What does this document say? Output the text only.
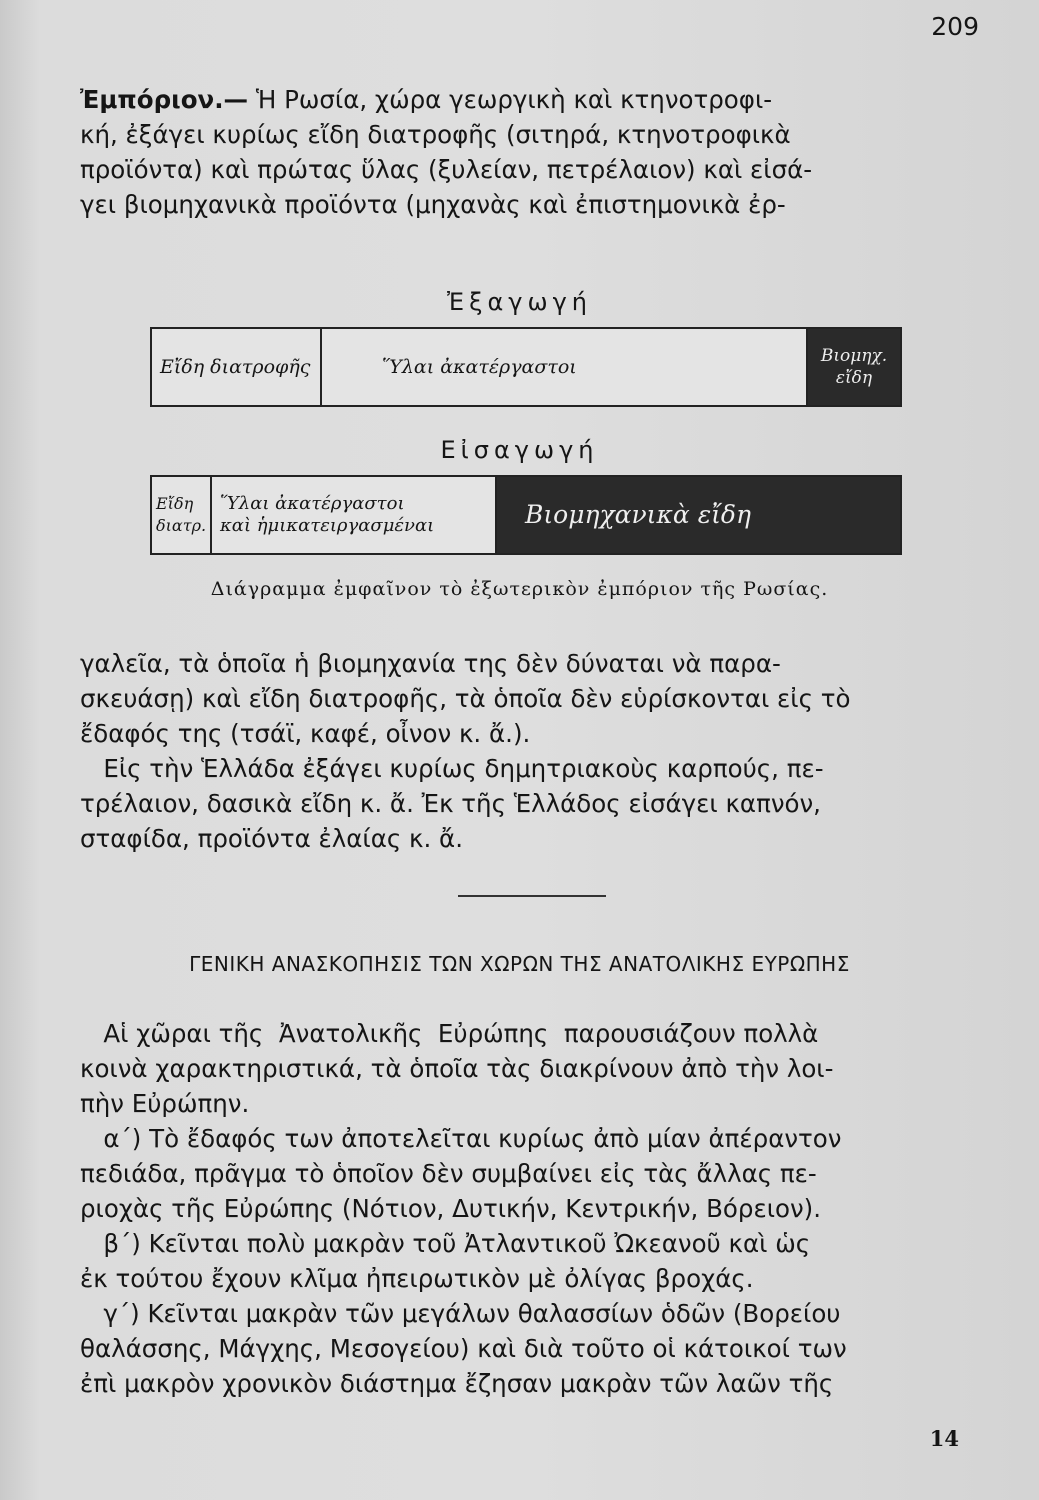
209
Ἐμπόριον.— Ἡ Ρωσία, χώρα γεωργικὴ καὶ κτηνοτροφι-
κή, ἐξάγει κυρίως εἴδη διατροφῆς (σιτηρά, κτηνοτροφικὰ
προϊόντα) καὶ πρώτας ὕλας (ξυλείαν, πετρέλαιον) καὶ εἰσά-
γει βιομηχανικὰ προϊόντα (μηχανὰς καὶ ἐπιστημονικὰ ἐρ-
Ἐξαγωγή
Εἴδη διατροφῆς	Ὕλαι ἀκατέργαστοι	Βιομηχ.
εἴδη
Εἰσαγωγή
Εἴδη
διατρ.
Ὕλαι ἀκατέργαστοι
καὶ ἡμικατειργασμέναι	Βιομηχανικὰ εἴδη
Διάγραμμα ἐμφαῖνον τὸ ἐξωτερικὸν ἐμπόριον τῆς Ρωσίας.
γαλεῖα, τὰ ὁποῖα ἡ βιομηχανία της δὲν δύναται νὰ παρα-
σκευάσῃ) καὶ εἴδη διατροφῆς, τὰ ὁποῖα δὲν εὑρίσκονται εἰς τὸ
ἔδαφός της (τσάϊ, καφέ, οἶνον κ. ἄ.).
Εἰς τὴν Ἑλλάδα ἐξάγει κυρίως δημητριακοὺς καρπούς, πε-
τρέλαιον, δασικὰ εἴδη κ. ἄ. Ἐκ τῆς Ἑλλάδος εἰσάγει καπνόν,
σταφίδα, προϊόντα ἐλαίας κ. ἄ.
ΓΕΝΙΚΗ ΑΝΑΣΚΟΠΗΣΙΣ ΤΩΝ ΧΩΡΩΝ ΤΗΣ ΑΝΑΤΟΛΙΚΗΣ ΕΥΡΩΠΗΣ
Αἱ χῶραι τῆς  Ἀνατολικῆς  Εὐρώπης  παρουσιάζουν πολλὰ
κοινὰ χαρακτηριστικά, τὰ ὁποῖα τὰς διακρίνουν ἀπὸ τὴν λοι-
πὴν Εὐρώπην.
α΄) Τὸ ἔδαφός των ἀποτελεῖται κυρίως ἀπὸ μίαν ἀπέραντον
πεδιάδα, πρᾶγμα τὸ ὁποῖον δὲν συμβαίνει εἰς τὰς ἄλλας πε-
ριοχὰς τῆς Εὐρώπης (Νότιον, Δυτικήν, Κεντρικήν, Βόρειον).
β΄) Κεῖνται πολὺ μακρὰν τοῦ Ἀτλαντικοῦ Ὠκεανοῦ καὶ ὡς
ἐκ τούτου ἔχουν κλῖμα ἠπειρωτικὸν μὲ ὀλίγας βροχάς.
γ΄) Κεῖνται μακρὰν τῶν μεγάλων θαλασσίων ὁδῶν (Βορείου
θαλάσσης, Μάγχης, Μεσογείου) καὶ διὰ τοῦτο οἱ κάτοικοί των
ἐπὶ μακρὸν χρονικὸν διάστημα ἔζησαν μακρὰν τῶν λαῶν τῆς
14
